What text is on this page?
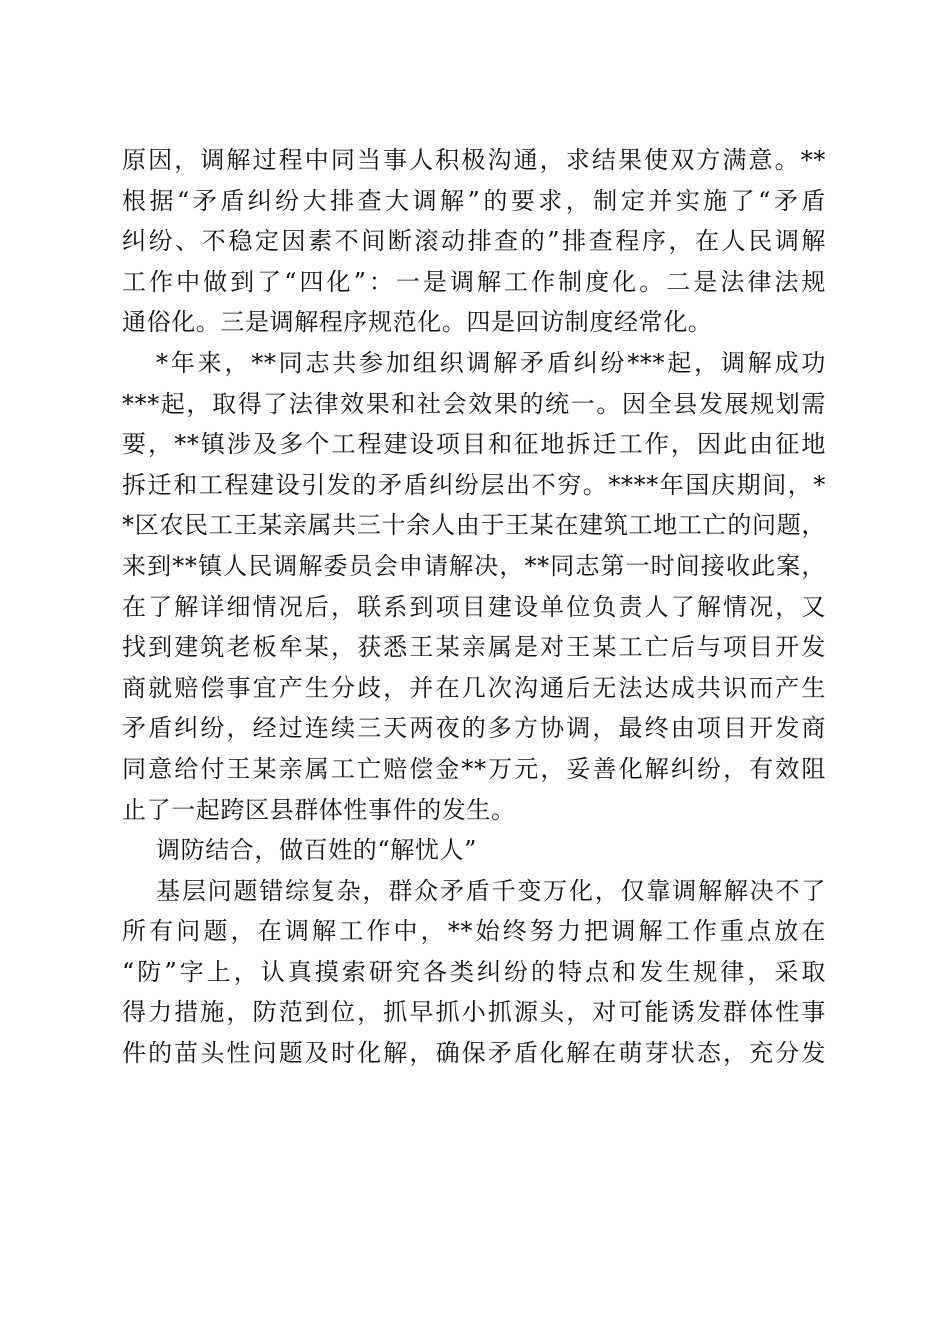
原因，调解过程中同当事人积极沟通，求结果使双方满意。**
根据“矛盾纠纷大排查大调解”的要求，制定并实施了“矛盾
纠纷、不稳定因素不间断滚动排查的”排查程序，在人民调解
工作中做到了“四化”：一是调解工作制度化。二是法律法规
通俗化。三是调解程序规范化。四是回访制度经常化。
*年来，**同志共参加组织调解矛盾纠纷***起，调解成功
***起，取得了法律效果和社会效果的统一。因全县发展规划需
要，**镇涉及多个工程建设项目和征地拆迁工作，因此由征地
拆迁和工程建设引发的矛盾纠纷层出不穷。****年国庆期间，*
*区农民工王某亲属共三十余人由于王某在建筑工地工亡的问题，
来到**镇人民调解委员会申请解决，**同志第一时间接收此案，
在了解详细情况后，联系到项目建设单位负责人了解情况，又
找到建筑老板牟某，获悉王某亲属是对王某工亡后与项目开发
商就赔偿事宜产生分歧，并在几次沟通后无法达成共识而产生
矛盾纠纷，经过连续三天两夜的多方协调，最终由项目开发商
同意给付王某亲属工亡赔偿金**万元，妥善化解纠纷，有效阻
止了一起跨区县群体性事件的发生。
调防结合，做百姓的“解忧人”
基层问题错综复杂，群众矛盾千变万化，仅靠调解解决不了
所有问题，在调解工作中，**始终努力把调解工作重点放在
“防”字上，认真摸索研究各类纠纷的特点和发生规律，采取
得力措施，防范到位，抓早抓小抓源头，对可能诱发群体性事
件的苗头性问题及时化解，确保矛盾化解在萌芽状态，充分发
